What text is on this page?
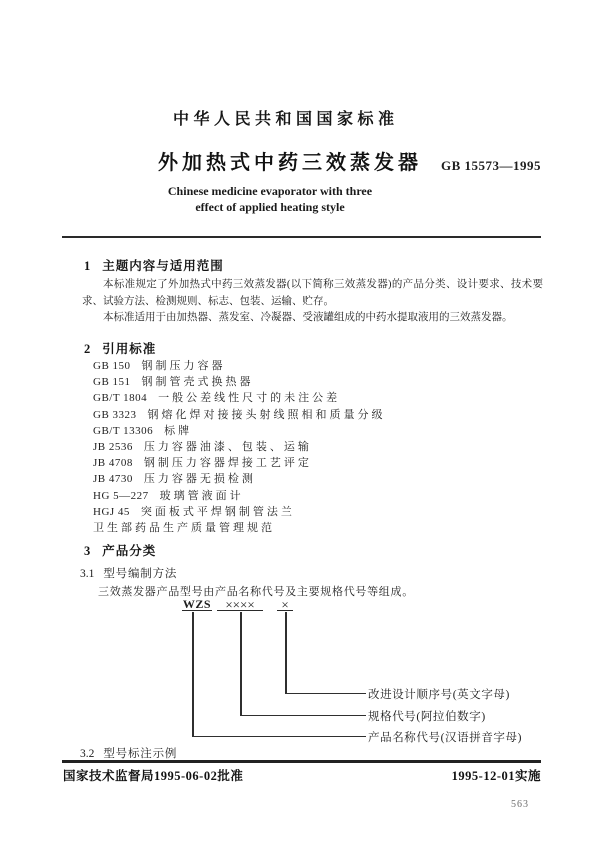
中华人民共和国国家标准
外加热式中药三效蒸发器 GB 15573—1995
Chinese medicine evaporator with three
effect of applied heating style
1 主题内容与适用范围

本标准规定了外加热式中药三效蒸发器(以下简称三效蒸发器)的产品分类、设计要求、技术要求、试验方法、检测规则、标志、包装、运输、贮存。

本标准适用于由加热器、蒸发室、冷凝器、受液罐组成的中药水提取液用的三效蒸发器。

2 引用标准
GB 150 钢制压力容器
GB 151 钢制管壳式换热器
GB/T 1804 一般公差线性尺寸的未注公差
GB 3323 钢熔化焊对接接头射线照相和质量分级
GB/T 13306 标牌
JB 2536 压力容器油漆、包装、运输
JB 4708 钢制压力容器焊接工艺评定
JB 4730 压力容器无损检测
HG 5—227 玻璃管液面计
HGJ 45 突面板式平焊钢制管法兰
卫生部药品生产质量管理规范
3 产品分类
3.1 型号编制方法
三效蒸发器产品型号由产品名称代号及主要规格代号等组成。
WZS	××××	×
改进设计顺序号(英文字母)
规格代号(阿拉伯数字)
产品名称代号(汉语拼音字母)
3.2 型号标注示例
国家技术监督局1995-06-02批准	1995-12-01实施
563
